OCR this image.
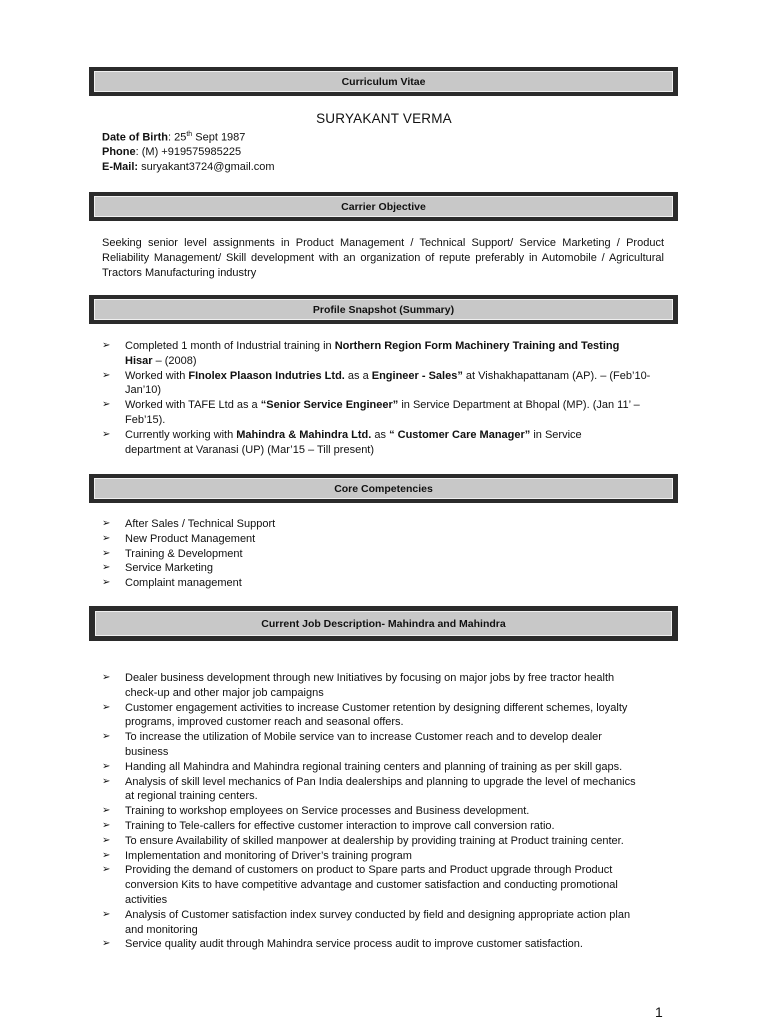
Curriculum Vitae
SURYAKANT VERMA
Date of Birth: 25th Sept 1987
Phone: (M) +919575985225
E-Mail: suryakant3724@gmail.com
Carrier Objective
Seeking senior level assignments in Product Management / Technical Support/ Service Marketing / Product Reliability Management/ Skill development with an organization of repute preferably in Automobile / Agricultural Tractors Manufacturing industry
Profile Snapshot (Summary)
➢ Completed 1 month of Industrial training in Northern Region Form Machinery Training and Testing
Hisar – (2008)
➢ Worked with FInolex Plaason Indutries Ltd. as a Engineer - Sales” at Vishakhapattanam (AP). – (Feb’10-
Jan’10)
➢ Worked with TAFE Ltd as a “Senior Service Engineer” in Service Department at Bhopal (MP). (Jan 11’ –
Feb’15).
➢ Currently working with Mahindra & Mahindra Ltd. as “ Customer Care Manager” in Service
department at Varanasi (UP) (Mar’15 – Till present)
Core Competencies
➢ After Sales / Technical Support
➢ New Product Management
➢ Training & Development
➢ Service Marketing
➢ Complaint management
Current Job Description- Mahindra and Mahindra
➢ Dealer business development through new Initiatives by focusing on major jobs by free tractor health check-up and other major job campaigns
➢ Customer engagement activities to increase Customer retention by designing different schemes, loyalty programs, improved customer reach and seasonal offers.
➢ To increase the utilization of Mobile service van to increase Customer reach and to develop dealer business
➢ Handing all Mahindra and Mahindra regional training centers and planning of training as per skill gaps.
➢ Analysis of skill level mechanics of Pan India dealerships and planning to upgrade the level of mechanics at regional training centers.
➢ Training to workshop employees on Service processes and Business development.
➢ Training to Tele-callers for effective customer interaction to improve call conversion ratio.
➢ To ensure Availability of skilled manpower at dealership by providing training at Product training center.
➢ Implementation and monitoring of Driver’s training program
➢ Providing the demand of customers on product to Spare parts and Product upgrade through Product conversion Kits to have competitive advantage and customer satisfaction and conducting promotional activities
➢ Analysis of Customer satisfaction index survey conducted by field and designing appropriate action plan and monitoring
➢ Service quality audit through Mahindra service process audit to improve customer satisfaction.
1
